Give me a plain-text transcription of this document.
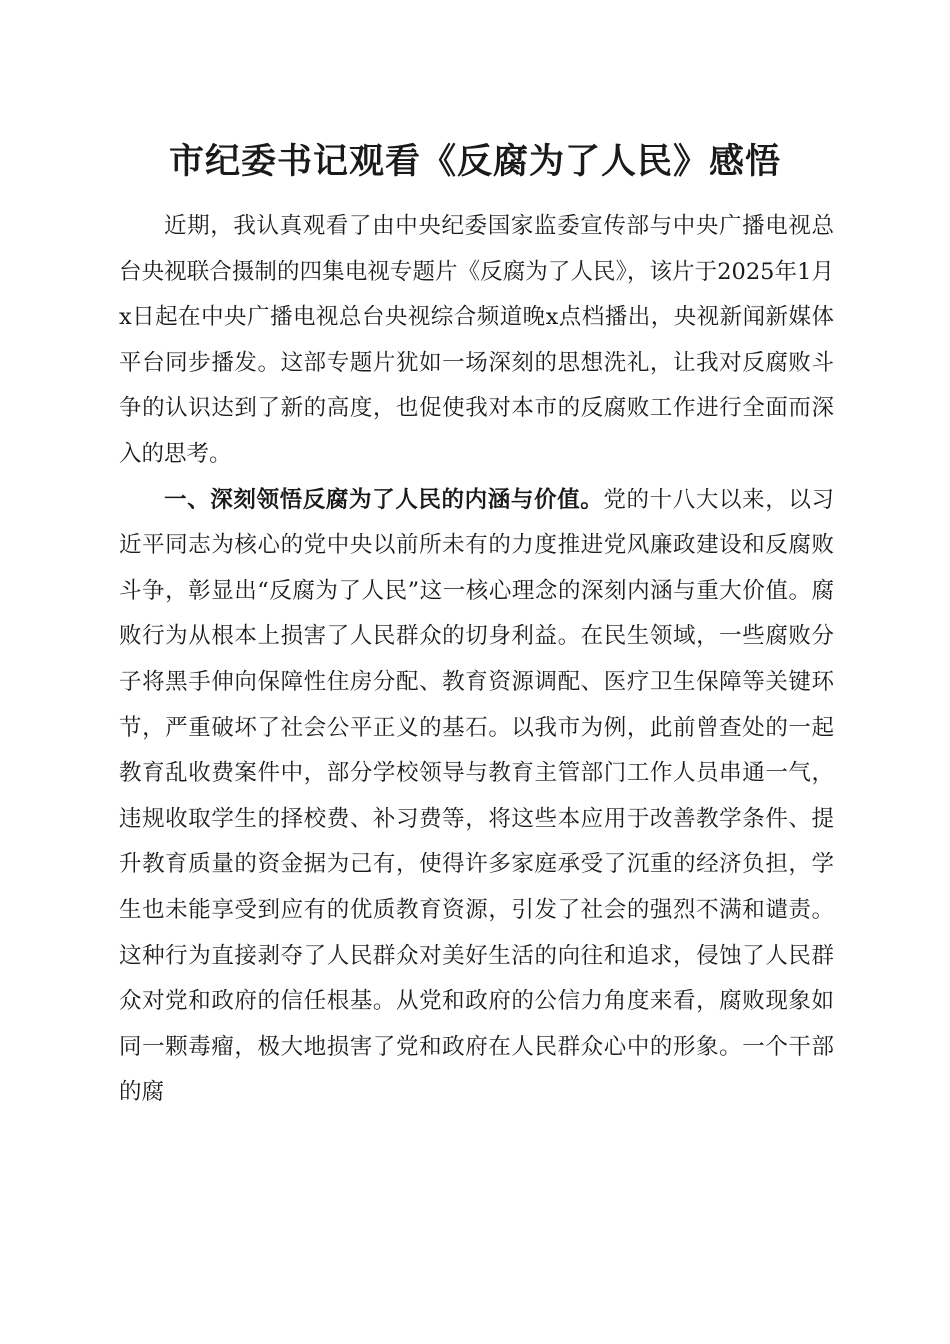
市纪委书记观看《反腐为了人民》感悟

近期，我认真观看了由中央纪委国家监委宣传部与中央广播电视总台央视联合摄制的四集电视专题片《反腐为了人民》，该片于2025年1月x日起在中央广播电视总台央视综合频道晚x点档播出，央视新闻新媒体平台同步播发。这部专题片犹如一场深刻的思想洗礼，让我对反腐败斗争的认识达到了新的高度，也促使我对本市的反腐败工作进行全面而深入的思考。

一、深刻领悟反腐为了人民的内涵与价值。党的十八大以来，以习近平同志为核心的党中央以前所未有的力度推进党风廉政建设和反腐败斗争，彰显出“反腐为了人民”这一核心理念的深刻内涵与重大价值。腐败行为从根本上损害了人民群众的切身利益。在民生领域，一些腐败分子将黑手伸向保障性住房分配、教育资源调配、医疗卫生保障等关键环节，严重破坏了社会公平正义的基石。以我市为例，此前曾查处的一起教育乱收费案件中，部分学校领导与教育主管部门工作人员串通一气，违规收取学生的择校费、补习费等，将这些本应用于改善教学条件、提升教育质量的资金据为己有，使得许多家庭承受了沉重的经济负担，学生也未能享受到应有的优质教育资源，引发了社会的强烈不满和谴责。这种行为直接剥夺了人民群众对美好生活的向往和追求，侵蚀了人民群众对党和政府的信任根基。从党和政府的公信力角度来看，腐败现象如同一颗毒瘤，极大地损害了党和政府在人民群众心中的形象。一个干部的腐
